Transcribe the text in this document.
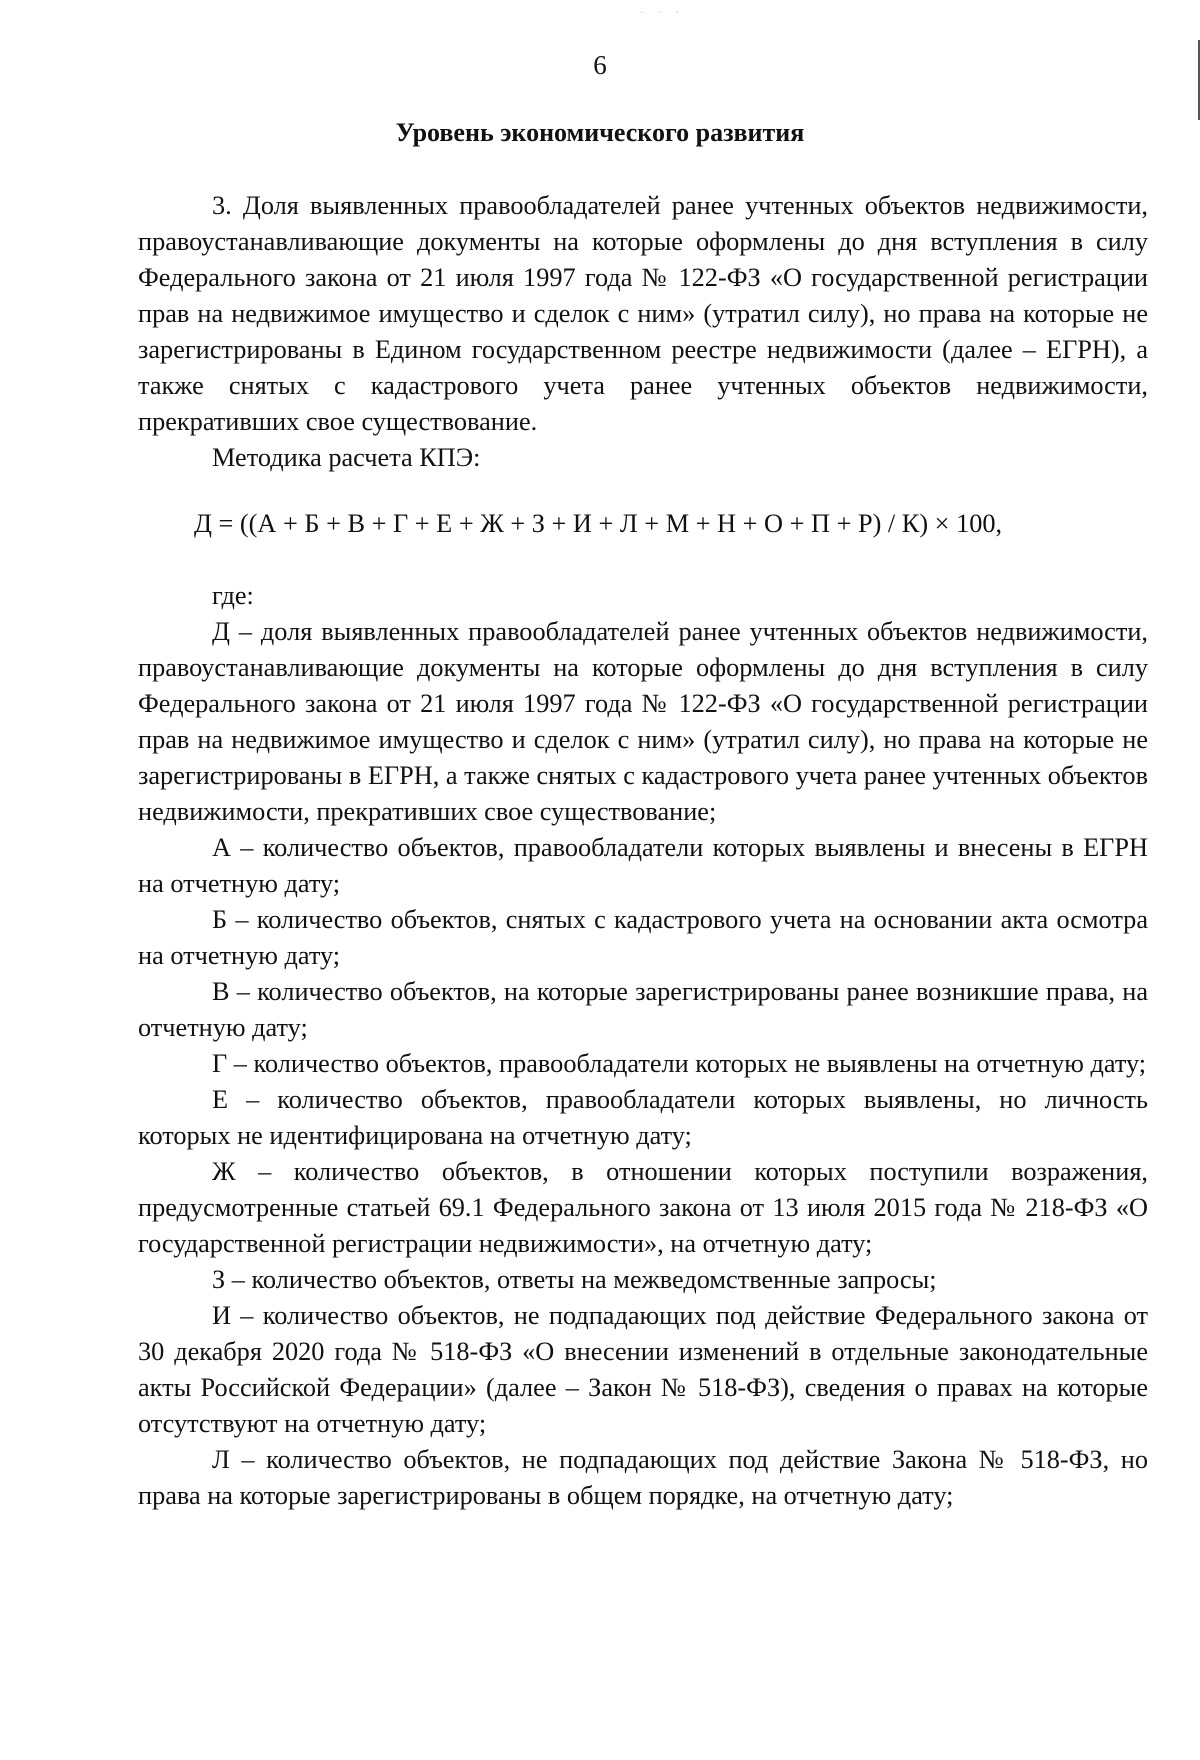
· · ·
6
Уровень экономического развития

3. Доля выявленных правообладателей ранее учтенных объектов недвижимости, правоустанавливающие документы на которые оформлены до дня вступления в силу Федерального закона от 21 июля 1997 года № 122-ФЗ «О государственной регистрации прав на недвижимое имущество и сделок с ним» (утратил силу), но права на которые не зарегистрированы в Едином государственном реестре недвижимости (далее – ЕГРН), а также снятых с кадастрового учета ранее учтенных объектов недвижимости, прекративших свое существование.

Методика расчета КПЭ:

Д = ((А + Б + В + Г + Е + Ж + З + И + Л + М + Н + О + П + Р) / К) × 100,

где:

Д – доля выявленных правообладателей ранее учтенных объектов недвижимости, правоустанавливающие документы на которые оформлены до дня вступления в силу Федерального закона от 21 июля 1997 года № 122-ФЗ «О государственной регистрации прав на недвижимое имущество и сделок с ним» (утратил силу), но права на которые не зарегистрированы в ЕГРН, а также снятых с кадастрового учета ранее учтенных объектов недвижимости, прекративших свое существование;

А – количество объектов, правообладатели которых выявлены и внесены в ЕГРН на отчетную дату;

Б – количество объектов, снятых с кадастрового учета на основании акта осмотра на отчетную дату;

В – количество объектов, на которые зарегистрированы ранее возникшие права, на отчетную дату;

Г – количество объектов, правообладатели которых не выявлены на отчетную дату;

Е – количество объектов, правообладатели которых выявлены, но личность которых не идентифицирована на отчетную дату;

Ж – количество объектов, в отношении которых поступили возражения, предусмотренные статьей 69.1 Федерального закона от 13 июля 2015 года № 218-ФЗ «О государственной регистрации недвижимости», на отчетную дату;

З – количество объектов, ответы на межведомственные запросы;

И – количество объектов, не подпадающих под действие Федерального закона от 30 декабря 2020 года № 518-ФЗ «О внесении изменений в отдельные законодательные акты Российской Федерации» (далее – Закон № 518-ФЗ), сведения о правах на которые отсутствуют на отчетную дату;

Л – количество объектов, не подпадающих под действие Закона № 518-ФЗ, но права на которые зарегистрированы в общем порядке, на отчетную дату;
